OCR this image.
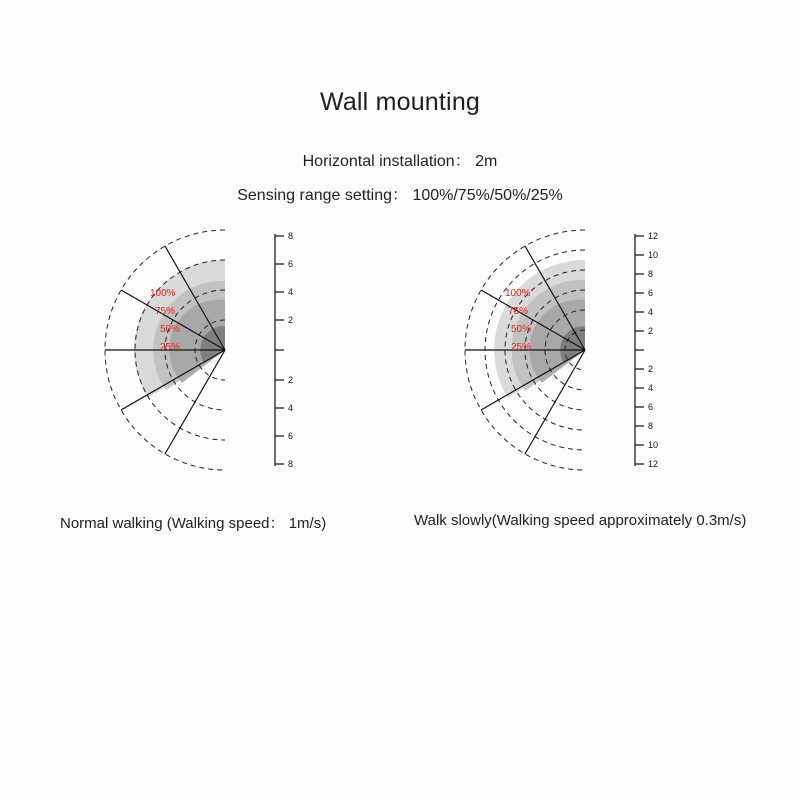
Wall mounting
Horizontal installation： 2m
Sensing range setting： 100%/75%/50%/25%
8
6
4
2
2
4
6
8
100%
75%
50%
25%
12
10
8
6
4
2
2
4
6
8
10
12
100%
75%
50%
25%
Normal walking (Walking speed： 1m/s)	Walk slowly(Walking speed approximately 0.3m/s)
